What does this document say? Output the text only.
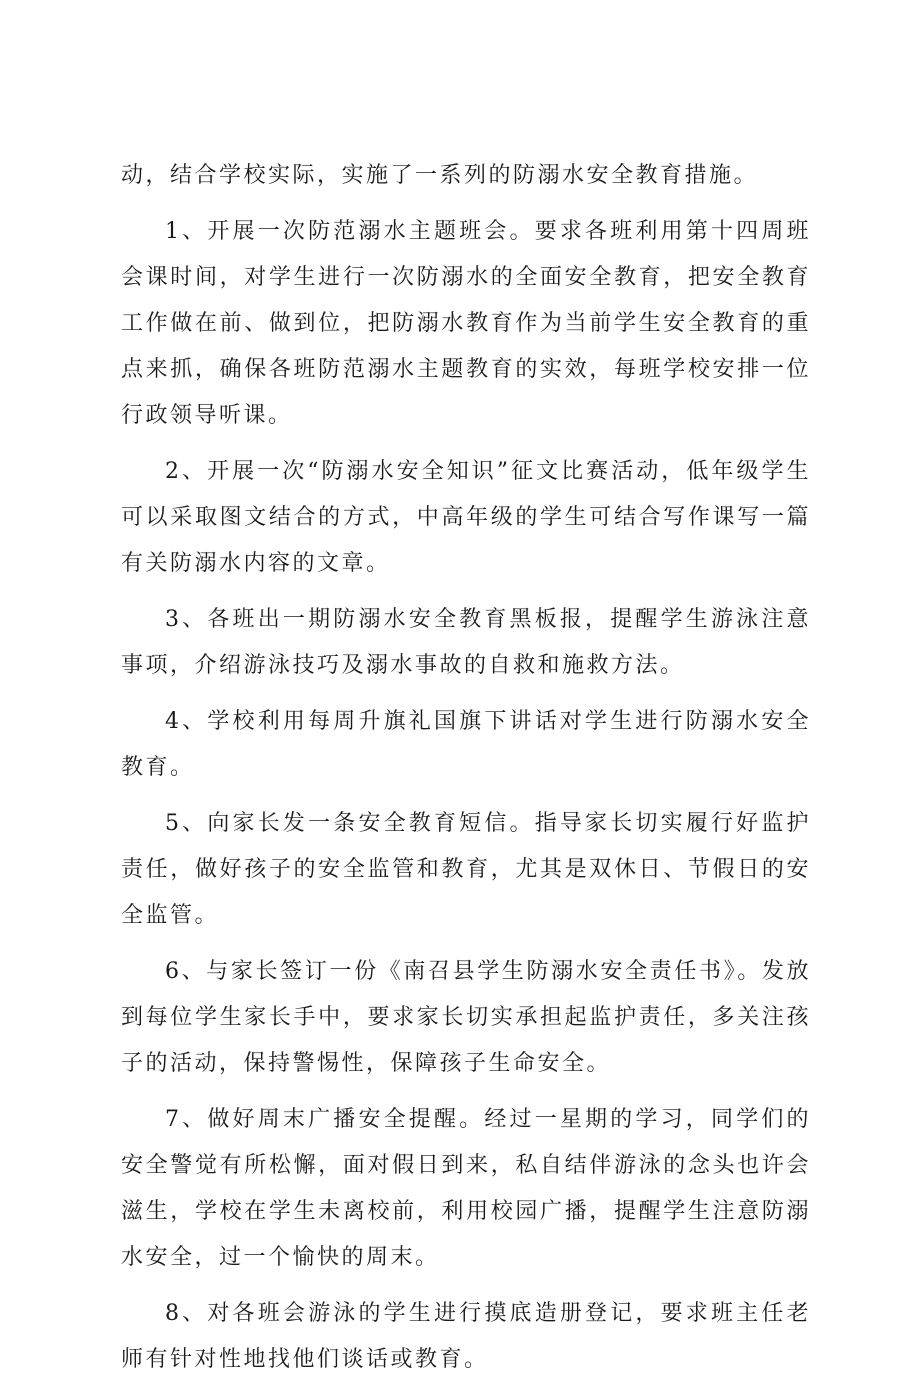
动，结合学校实际，实施了一系列的防溺水安全教育措施。

1、开展一次防范溺水主题班会。要求各班利用第十四周班会课时间，对学生进行一次防溺水的全面安全教育，把安全教育工作做在前、做到位，把防溺水教育作为当前学生安全教育的重点来抓，确保各班防范溺水主题教育的实效，每班学校安排一位行政领导听课。

2、开展一次“防溺水安全知识”征文比赛活动，低年级学生可以采取图文结合的方式，中高年级的学生可结合写作课写一篇有关防溺水内容的文章。

3、各班出一期防溺水安全教育黑板报，提醒学生游泳注意事项，介绍游泳技巧及溺水事故的自救和施救方法。

4、学校利用每周升旗礼国旗下讲话对学生进行防溺水安全教育。

5、向家长发一条安全教育短信。指导家长切实履行好监护责任，做好孩子的安全监管和教育，尤其是双休日、节假日的安全监管。

6、与家长签订一份《南召县学生防溺水安全责任书》。发放到每位学生家长手中，要求家长切实承担起监护责任，多关注孩子的活动，保持警惕性，保障孩子生命安全。

7、做好周末广播安全提醒。经过一星期的学习，同学们的安全警觉有所松懈，面对假日到来，私自结伴游泳的念头也许会滋生，学校在学生未离校前，利用校园广播，提醒学生注意防溺水安全，过一个愉快的周末。

8、对各班会游泳的学生进行摸底造册登记，要求班主任老师有针对性地找他们谈话或教育。
